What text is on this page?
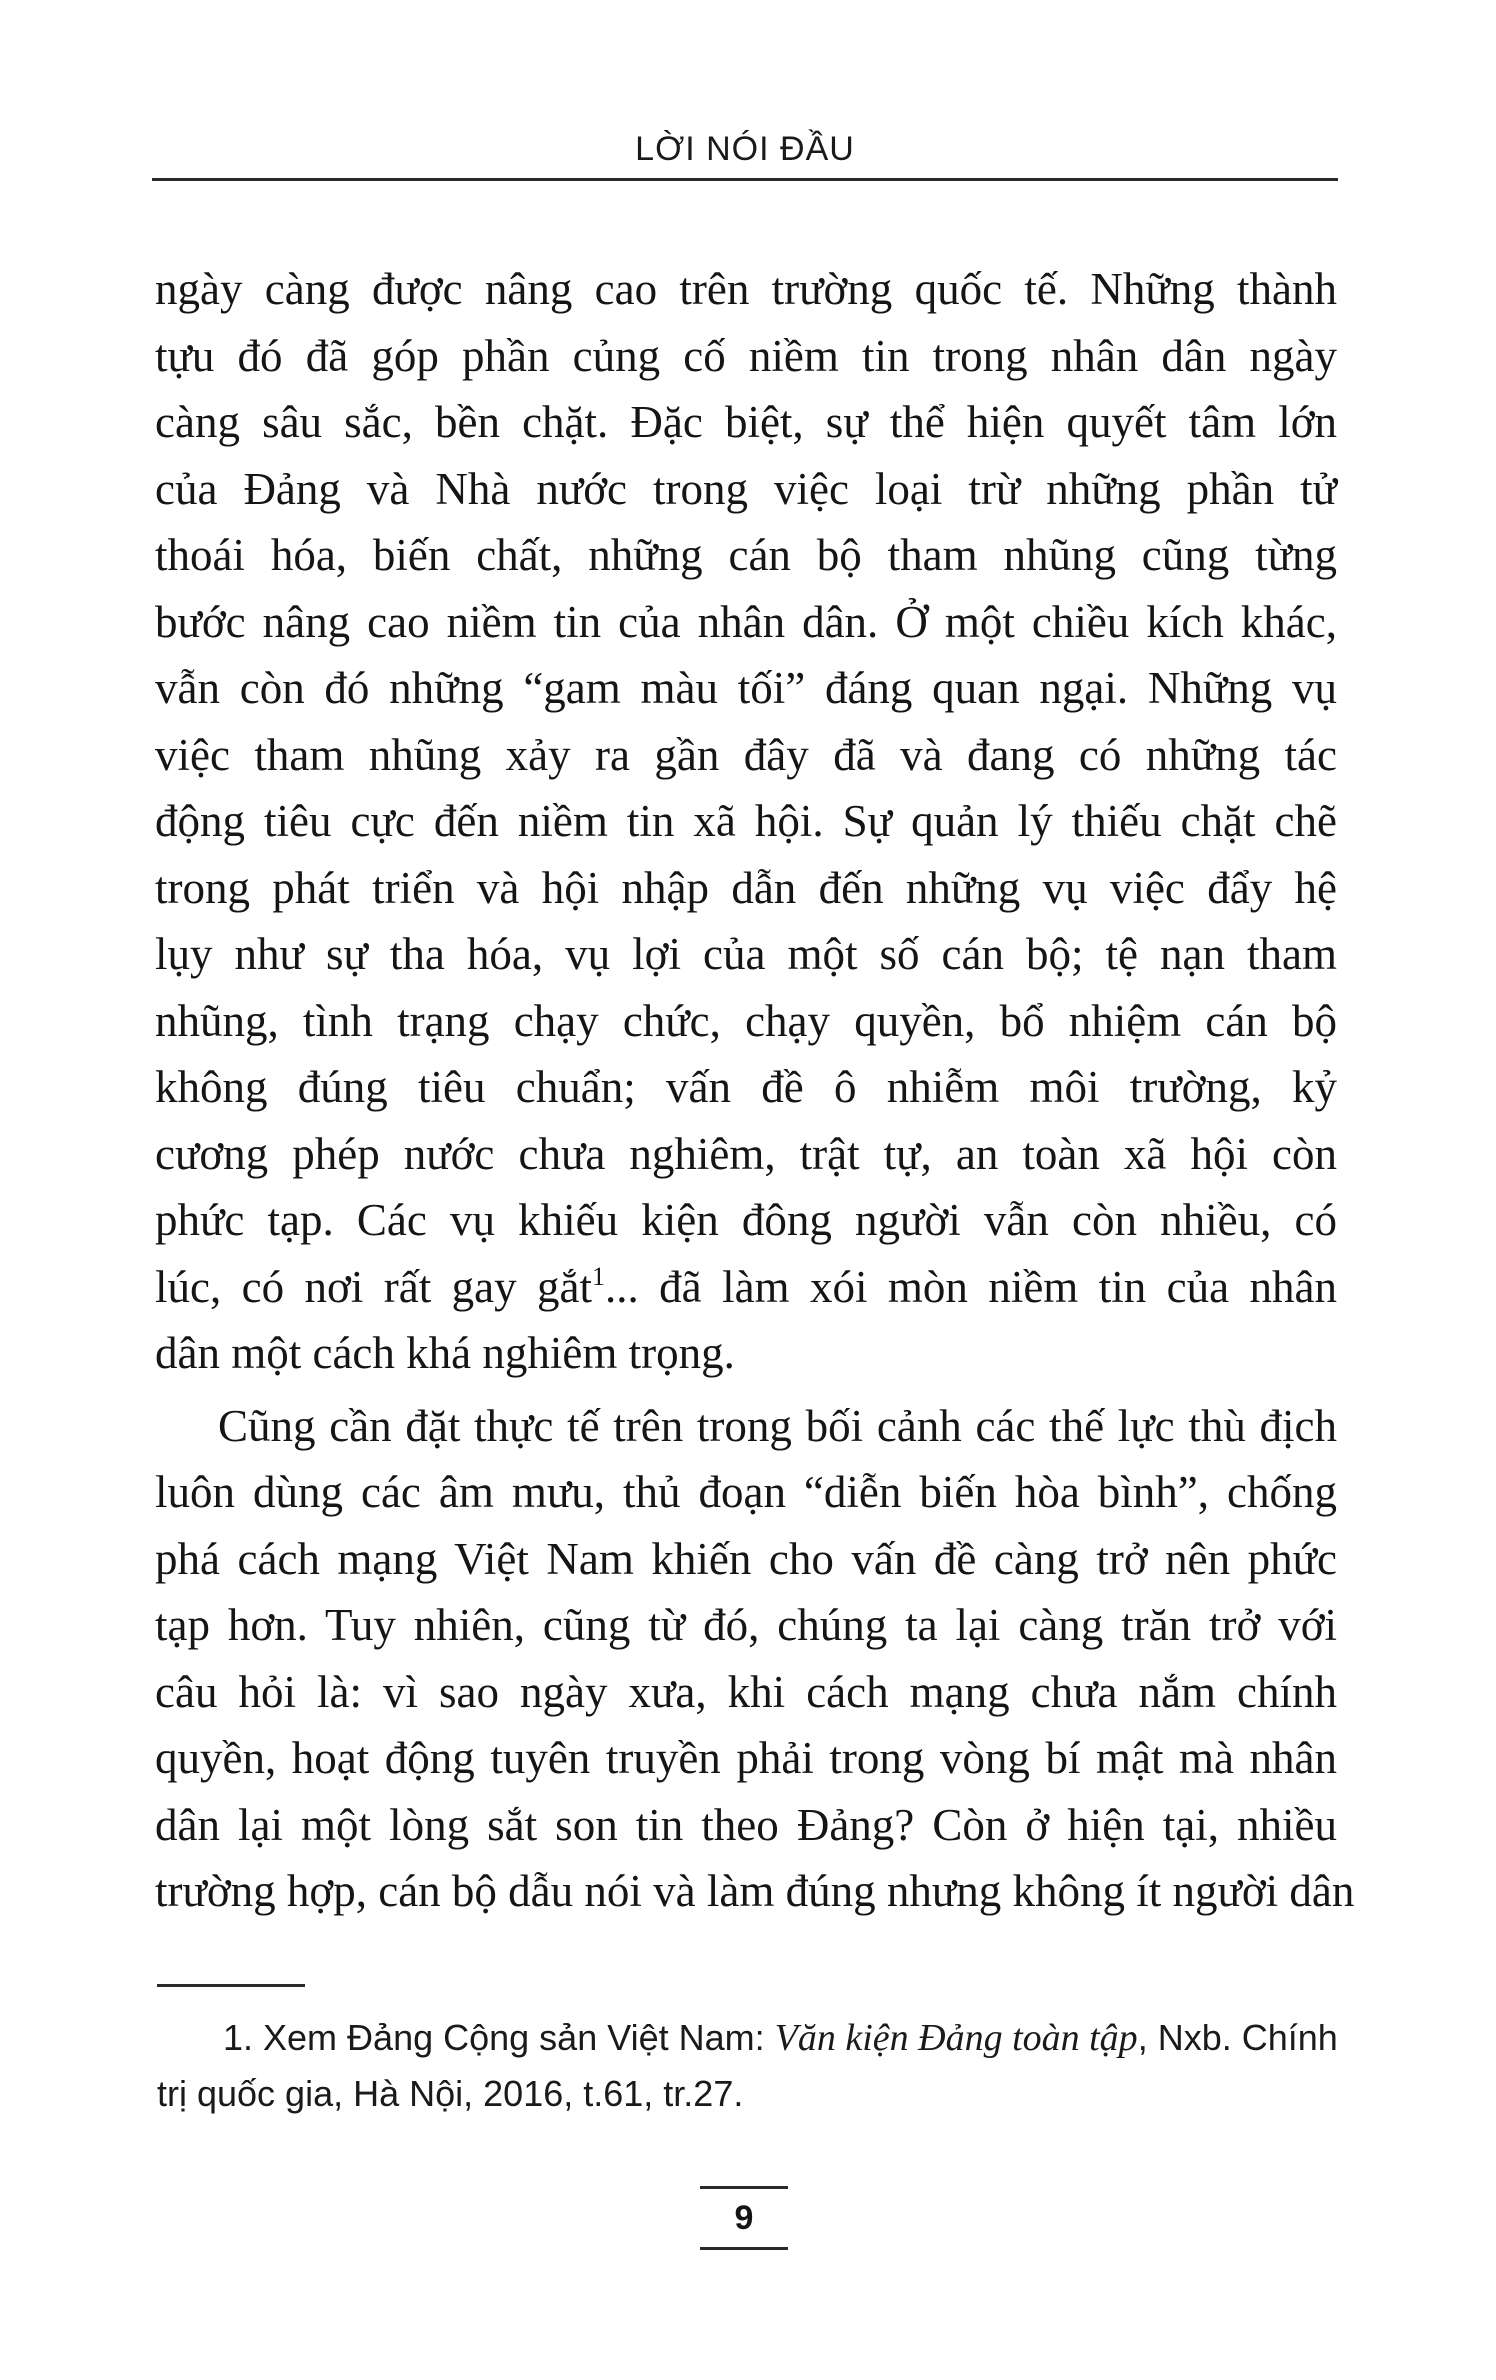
LỜI NÓI ĐẦU
ngày càng được nâng cao trên trường quốc tế. Những thành
tựu đó đã góp phần củng cố niềm tin trong nhân dân ngày
càng sâu sắc, bền chặt. Đặc biệt, sự thể hiện quyết tâm lớn
của Đảng và Nhà nước trong việc loại trừ những phần tử
thoái hóa, biến chất, những cán bộ tham nhũng cũng từng
bước nâng cao niềm tin của nhân dân. Ở một chiều kích khác,
vẫn còn đó những “gam màu tối” đáng quan ngại. Những vụ
việc tham nhũng xảy ra gần đây đã và đang có những tác
động tiêu cực đến niềm tin xã hội. Sự quản lý thiếu chặt chẽ
trong phát triển và hội nhập dẫn đến những vụ việc đẩy hệ
lụy như sự tha hóa, vụ lợi của một số cán bộ; tệ nạn tham
nhũng, tình trạng chạy chức, chạy quyền, bổ nhiệm cán bộ
không đúng tiêu chuẩn; vấn đề ô nhiễm môi trường, kỷ
cương phép nước chưa nghiêm, trật tự, an toàn xã hội còn
phức tạp. Các vụ khiếu kiện đông người vẫn còn nhiều, có
lúc, có nơi rất gay gắt$^1$... đã làm xói mòn niềm tin của nhân
dân một cách khá nghiêm trọng.
Cũng cần đặt thực tế trên trong bối cảnh các thế lực thù địch
luôn dùng các âm mưu, thủ đoạn “diễn biến hòa bình”, chống
phá cách mạng Việt Nam khiến cho vấn đề càng trở nên phức
tạp hơn. Tuy nhiên, cũng từ đó, chúng ta lại càng trăn trở với
câu hỏi là: vì sao ngày xưa, khi cách mạng chưa nắm chính
quyền, hoạt động tuyên truyền phải trong vòng bí mật mà nhân
dân lại một lòng sắt son tin theo Đảng? Còn ở hiện tại, nhiều
trường hợp, cán bộ dẫu nói và làm đúng nhưng không ít người dân
1. Xem Đảng Cộng sản Việt Nam: Văn kiện Đảng toàn tập, Nxb. Chính
trị quốc gia, Hà Nội, 2016, t.61, tr.27.
9
